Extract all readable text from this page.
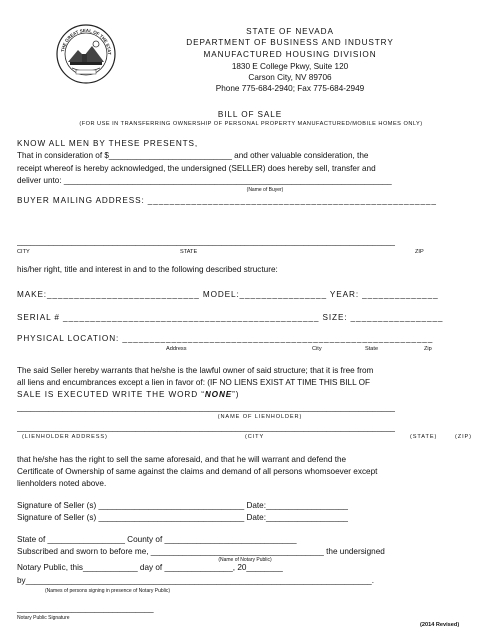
THE GREAT SEAL OF THE STAT
STATE OF NEVADA
DEPARTMENT OF BUSINESS AND INDUSTRY
MANUFACTURED HOUSING DIVISION
1830 E College Pkwy, Suite 120
Carson City, NV 89706
Phone 775-684-2940; Fax 775-684-2949
BILL OF SALE
(FOR USE IN TRANSFERRING OWNERSHIP OF PERSONAL PROPERTY MANUFACTURED/MOBILE HOMES ONLY)
KNOW ALL MEN BY THESE PRESENTS,
That in consideration of $___________________________ and other valuable consideration, the
receipt whereof is hereby acknowledged, the undersigned (SELLER) does hereby sell, transfer and
deliver unto: ________________________________________________________________________
(Name of Buyer)
BUYER MAILING ADDRESS: _____________________________________________________
___________________________________________________________________________________
CITY	STATE	ZIP
his/her right, title and interest in and to the following described structure:
MAKE:____________________________ MODEL:________________ YEAR: ______________
SERIAL # _______________________________________________ SIZE: _________________
PHYSICAL LOCATION: _________________________________________________________
Address	City	State	Zip
The said Seller hereby warrants that he/she is the lawful owner of said structure; that it is free from
all liens and encumbrances except a lien in favor of: (IF NO LIENS EXIST AT TIME THIS BILL OF
SALE IS EXECUTED WRITE THE WORD “NONE”)
___________________________________________________________________________________
(NAME OF LIENHOLDER)
___________________________________________________________________________________
(LIENHOLDER ADDRESS)	(CITY	(STATE)	(ZIP)
that he/she has the right to sell the same aforesaid, and that he will warrant and defend the
Certificate of Ownership of same against the claims and demand of all persons whomsoever except
lienholders noted above.
Signature of Seller (s) ________________________________ Date:__________________
Signature of Seller (s) ________________________________ Date:__________________
State of _________________ County of _____________________________
Subscribed and sworn to before me, ______________________________________ the undersigned
(Name of Notary Public)
Notary Public, this____________ day of _______________, 20________
by____________________________________________________________________________.
(Names of persons signing in presence of Notary Public)
______________________________
Notary Public Signature
(2014 Revised)
